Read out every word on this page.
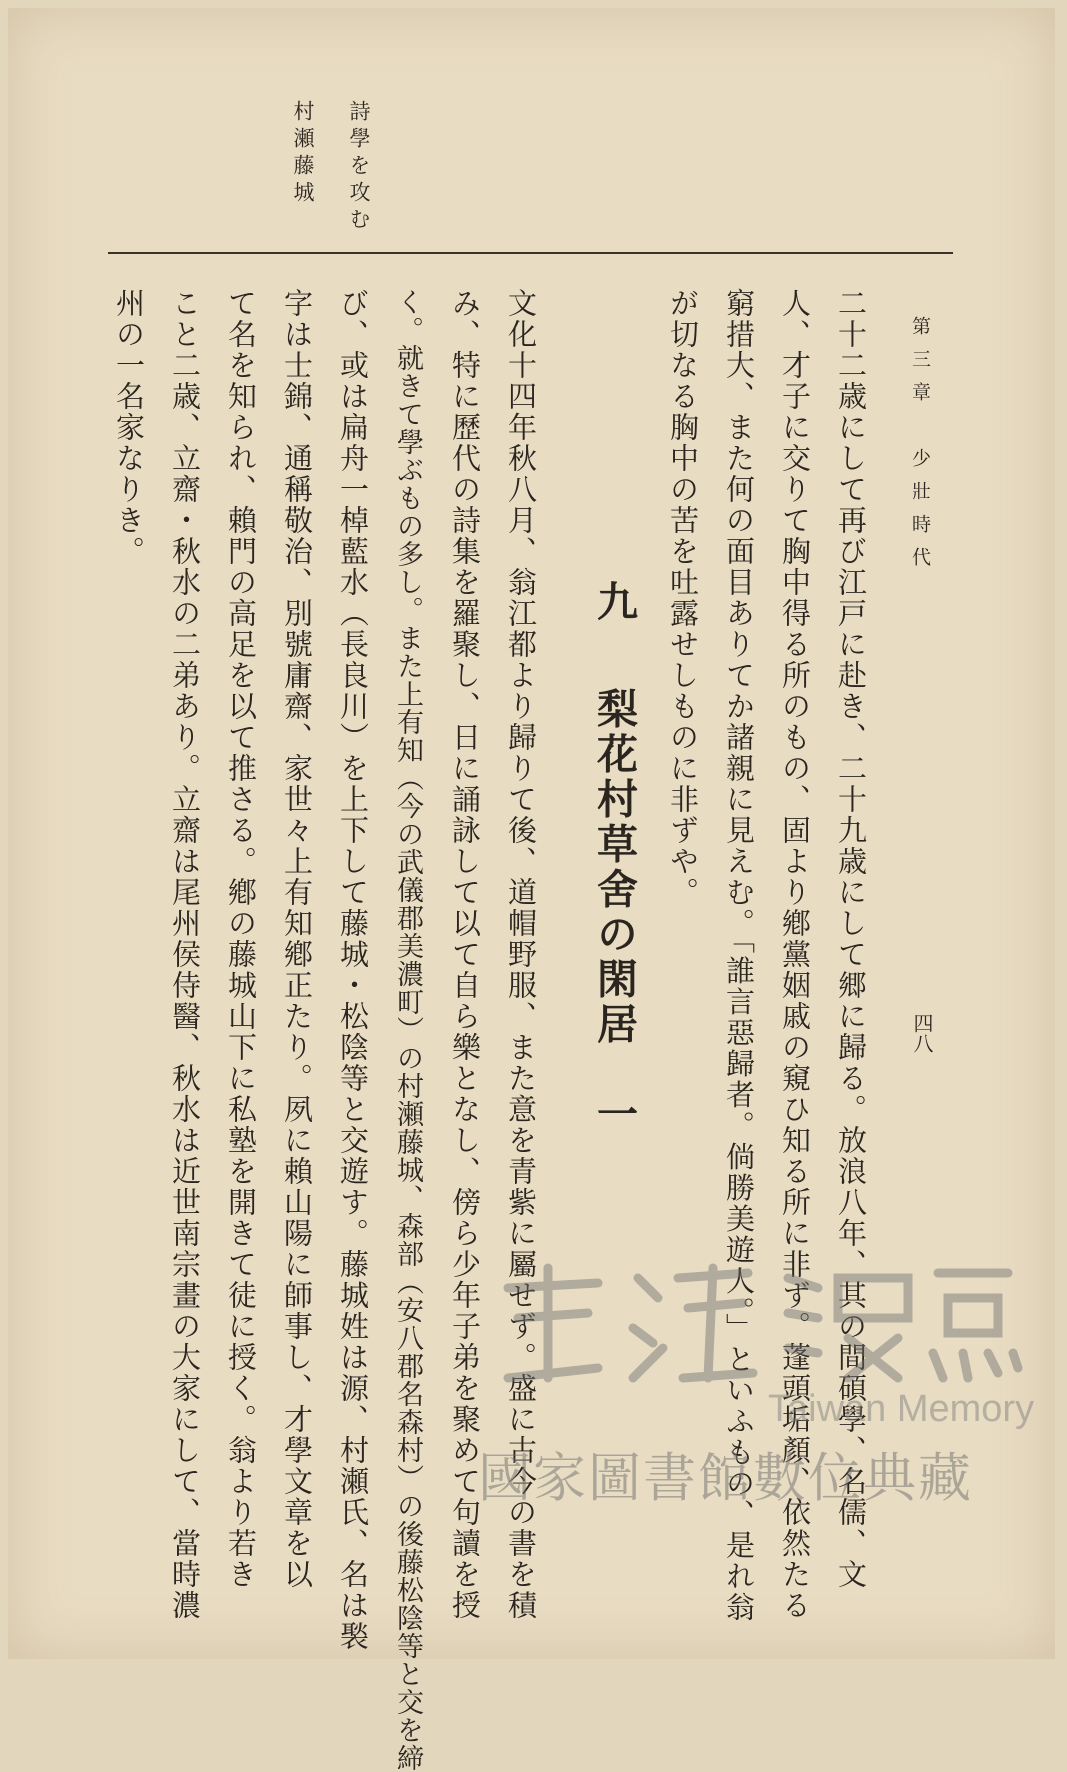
詩學を攻む
村瀬藤城
第三章　少壯時代
四八
二十二歳にして再び江戸に赴き、二十九歳にして郷に歸る。放浪八年、其の間碩學、名儒、文
人、才子に交りて胸中得る所のもの、固より鄕黨姻戚の窺ひ知る所に非ず。蓬頭垢顏、依然たる
窮措大、また何の面目ありてか諸親に見えむ。「誰言惡歸者。倘勝美遊人。」といふもの、是れ翁
が切なる胸中の苦を吐露せしものに非ずや。
九 梨花村草舍の閑居　一
文化十四年秋八月、翁江都より歸りて後、道帽野服、また意を青紫に屬せず。盛に古今の書を積
み、特に歷代の詩集を羅聚し、日に誦詠して以て自ら樂となし、傍ら少年子弟を聚めて句讀を授
く。就きて學ぶもの多し。また上有知（今の武儀郡美濃町）の村瀬藤城、森部（安八郡名森村）の後藤松陰等と交を締
び、或は扁舟一棹藍水（長良川）を上下して藤城・松陰等と交遊す。藤城姓は源、村瀬氏、名は褧
字は士錦、通稱敬治、別號庸齋、家世々上有知鄕正たり。夙に賴山陽に師事し、才學文章を以
て名を知られ、賴門の高足を以て推さる。鄕の藤城山下に私塾を開きて徒に授く。翁より若き
こと二歳、立齋・秋水の二弟あり。立齋は尾州侯侍醫、秋水は近世南宗畫の大家にして、當時濃
州の一名家なりき。
Taiwan Memory
國家圖書館數位典藏
